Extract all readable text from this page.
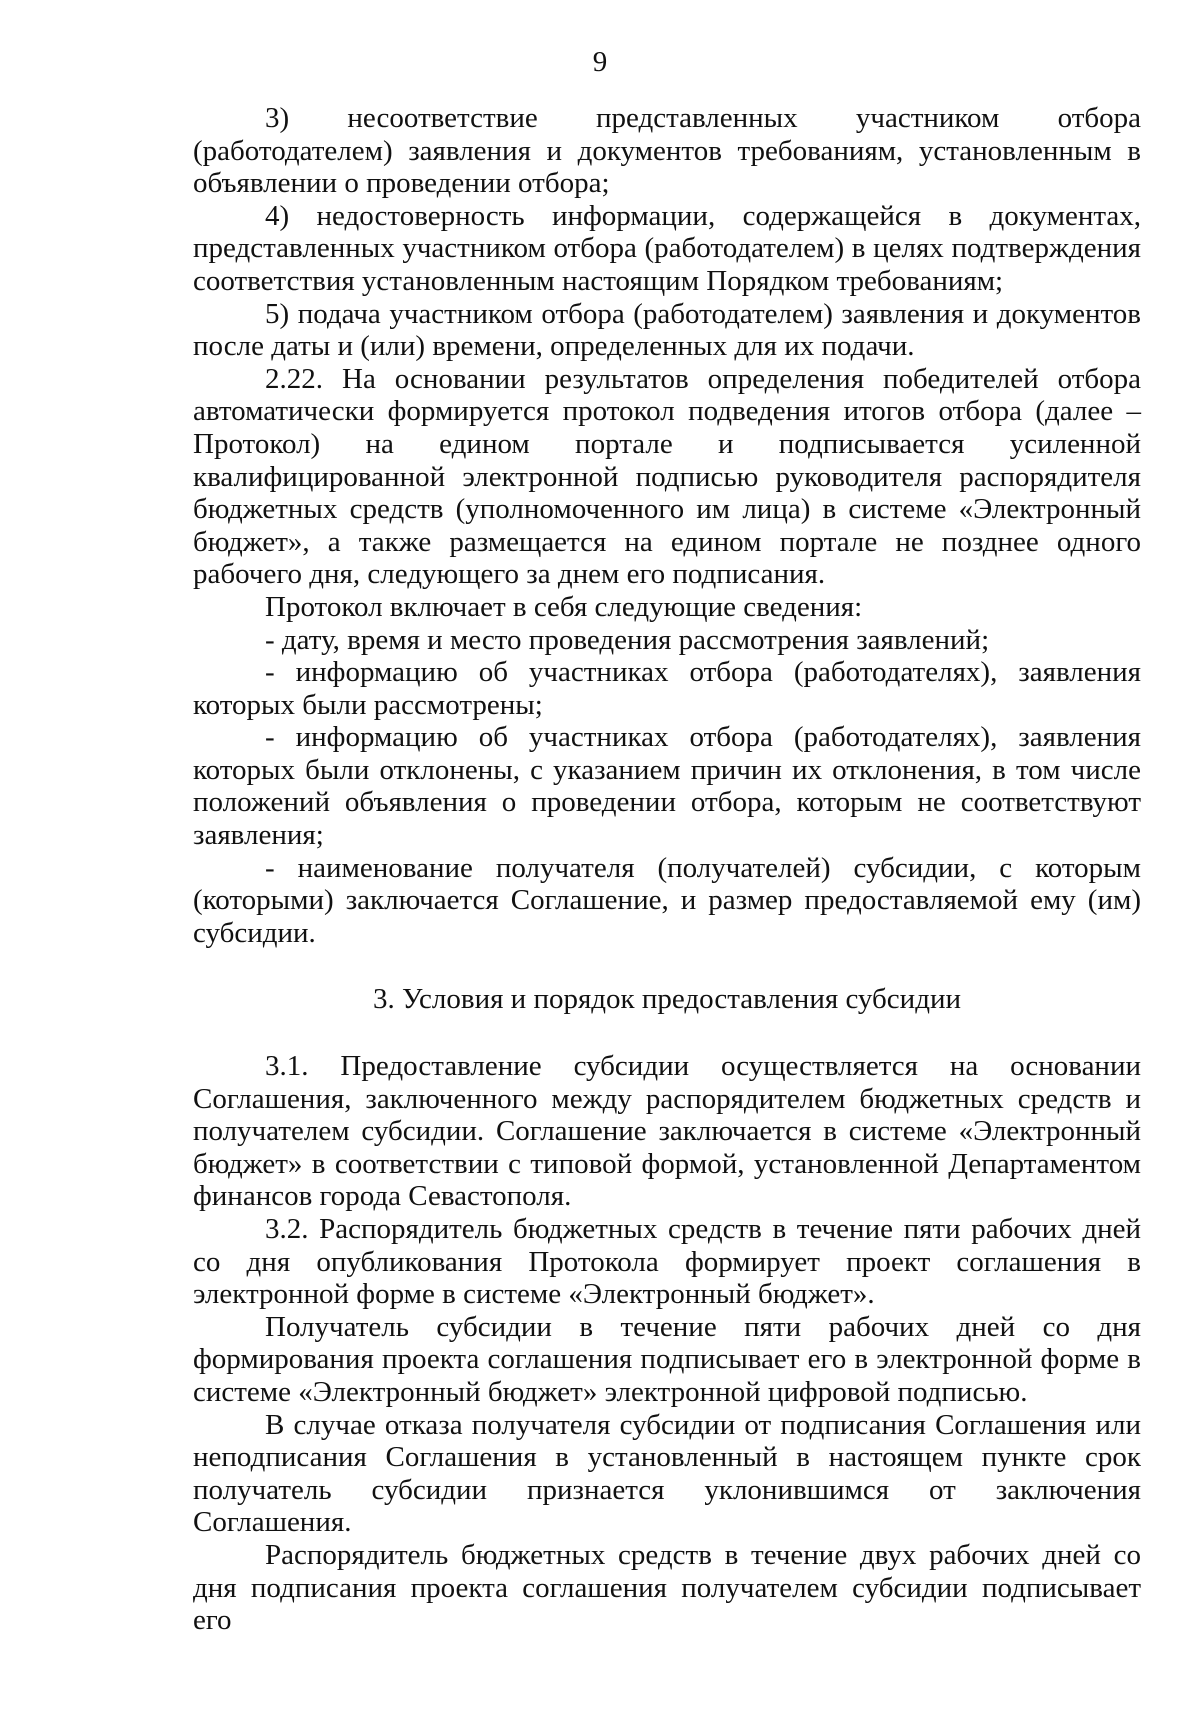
9

3) несоответствие представленных участником отбора (работодателем) заявления и документов требованиям, установленным в объявлении о проведении отбора;

4) недостоверность информации, содержащейся в документах, представленных участником отбора (работодателем) в целях подтверждения соответствия установленным настоящим Порядком требованиям;

5) подача участником отбора (работодателем) заявления и документов после даты и (или) времени, определенных для их подачи.

2.22. На основании результатов определения победителей отбора автоматически формируется протокол подведения итогов отбора (далее – Протокол) на едином портале и подписывается усиленной квалифицированной электронной подписью руководителя распорядителя бюджетных средств (уполномоченного им лица) в системе «Электронный бюджет», а также размещается на едином портале не позднее одного рабочего дня, следующего за днем его подписания.

Протокол включает в себя следующие сведения:

- дату, время и место проведения рассмотрения заявлений;

- информацию об участниках отбора (работодателях), заявления которых были рассмотрены;

- информацию об участниках отбора (работодателях), заявления которых были отклонены, с указанием причин их отклонения, в том числе положений объявления о проведении отбора, которым не соответствуют заявления;

- наименование получателя (получателей) субсидии, с которым (которыми) заключается Соглашение, и размер предоставляемой ему (им) субсидии.

3. Условия и порядок предоставления субсидии

3.1. Предоставление субсидии осуществляется на основании Соглашения, заключенного между распорядителем бюджетных средств и получателем субсидии. Соглашение заключается в системе «Электронный бюджет» в соответствии с типовой формой, установленной Департаментом финансов города Севастополя.

3.2. Распорядитель бюджетных средств в течение пяти рабочих дней со дня опубликования Протокола формирует проект соглашения в электронной форме в системе «Электронный бюджет».

Получатель субсидии в течение пяти рабочих дней со дня формирования проекта соглашения подписывает его в электронной форме в системе «Электронный бюджет» электронной цифровой подписью.

В случае отказа получателя субсидии от подписания Соглашения или неподписания Соглашения в установленный в настоящем пункте срок получатель субсидии признается уклонившимся от заключения Соглашения.

Распорядитель бюджетных средств в течение двух рабочих дней со дня подписания проекта соглашения получателем субсидии подписывает его
